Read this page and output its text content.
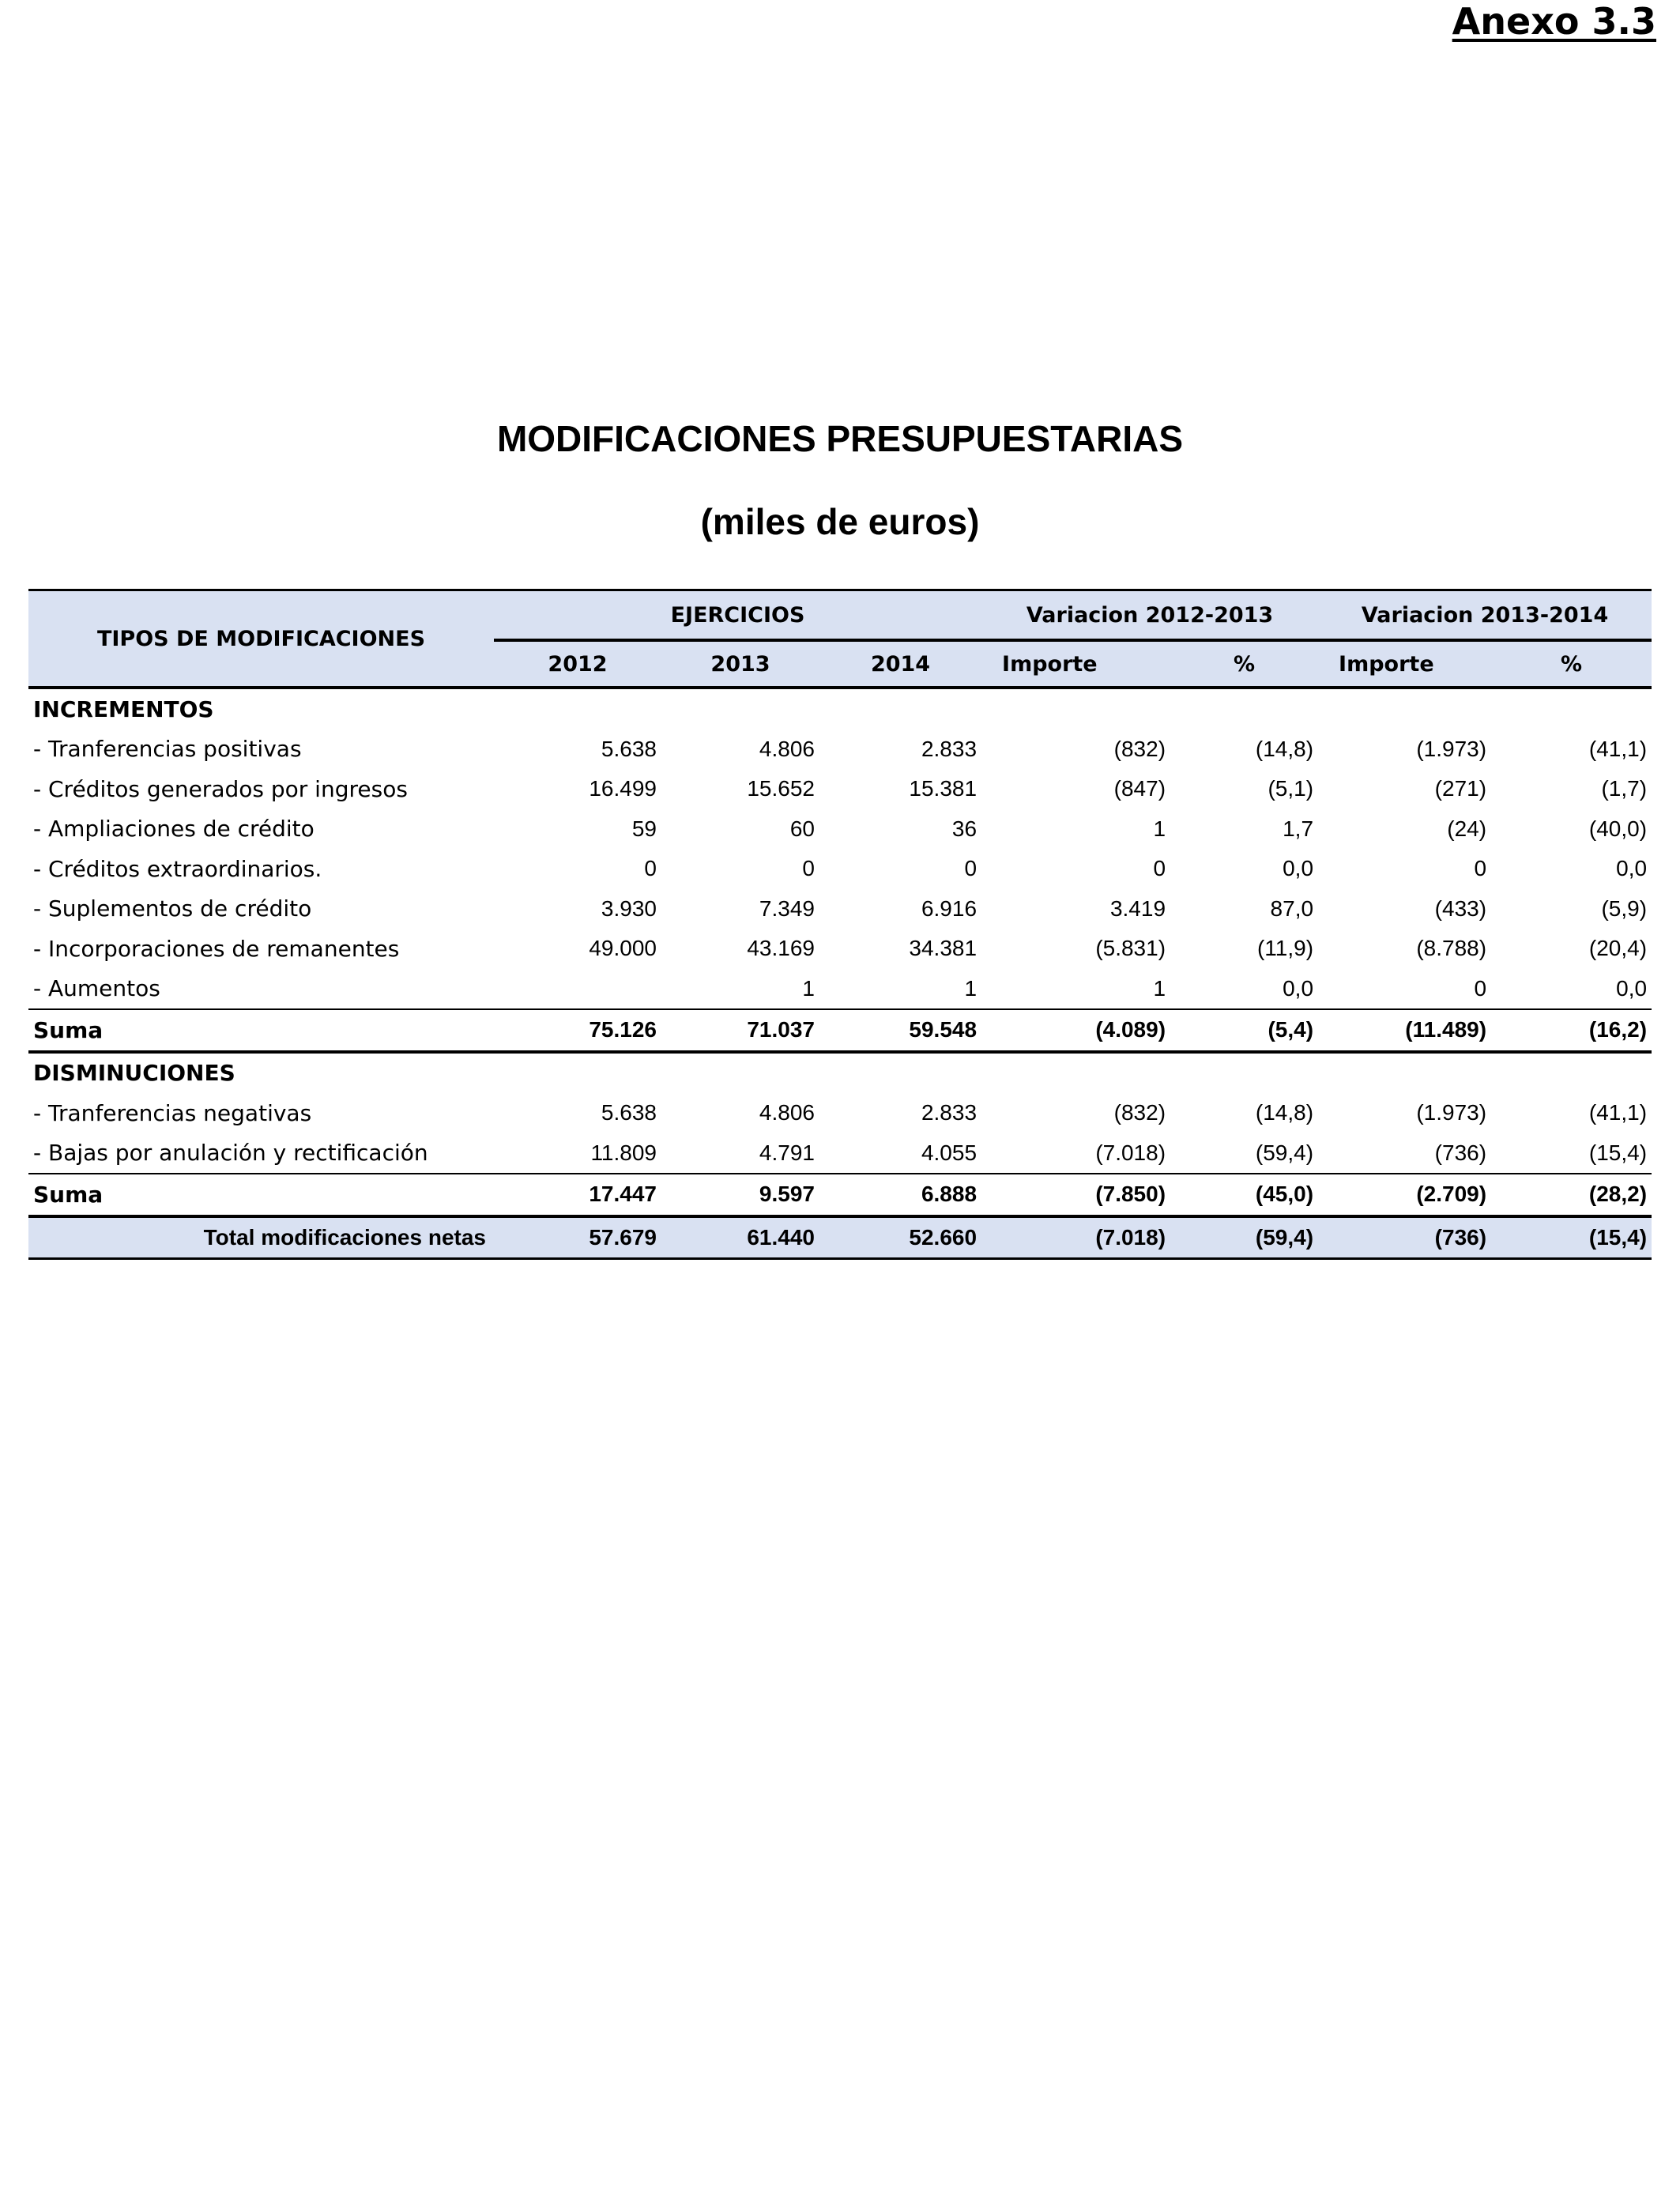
Anexo 3.3
MODIFICACIONES PRESUPUESTARIAS
(miles de euros)
TIPOS DE MODIFICACIONES	EJERCICIOS			Variacion 2012-2013		Variacion 2013-2014	
	2012	2013	2014	Importe	%	Importe	%
INCREMENTOS							
- Tranferencias positivas	5.638	4.806	2.833	(832)	(14,8)	(1.973)	(41,1)
- Créditos generados por ingresos	16.499	15.652	15.381	(847)	(5,1)	(271)	(1,7)
- Ampliaciones de crédito	59	60	36	1	1,7	(24)	(40,0)
- Créditos extraordinarios.	0	0	0	0	0,0	0	0,0
- Suplementos de crédito	3.930	7.349	6.916	3.419	87,0	(433)	(5,9)
- Incorporaciones de remanentes	49.000	43.169	34.381	(5.831)	(11,9)	(8.788)	(20,4)
- Aumentos		1	1	1	0,0	0	0,0
Suma	75.126	71.037	59.548	(4.089)	(5,4)	(11.489)	(16,2)
DISMINUCIONES							
- Tranferencias negativas	5.638	4.806	2.833	(832)	(14,8)	(1.973)	(41,1)
- Bajas por anulación y rectificación	11.809	4.791	4.055	(7.018)	(59,4)	(736)	(15,4)
Suma	17.447	9.597	6.888	(7.850)	(45,0)	(2.709)	(28,2)
Total modificaciones netas	57.679	61.440	52.660	(7.018)	(59,4)	(736)	(15,4)
